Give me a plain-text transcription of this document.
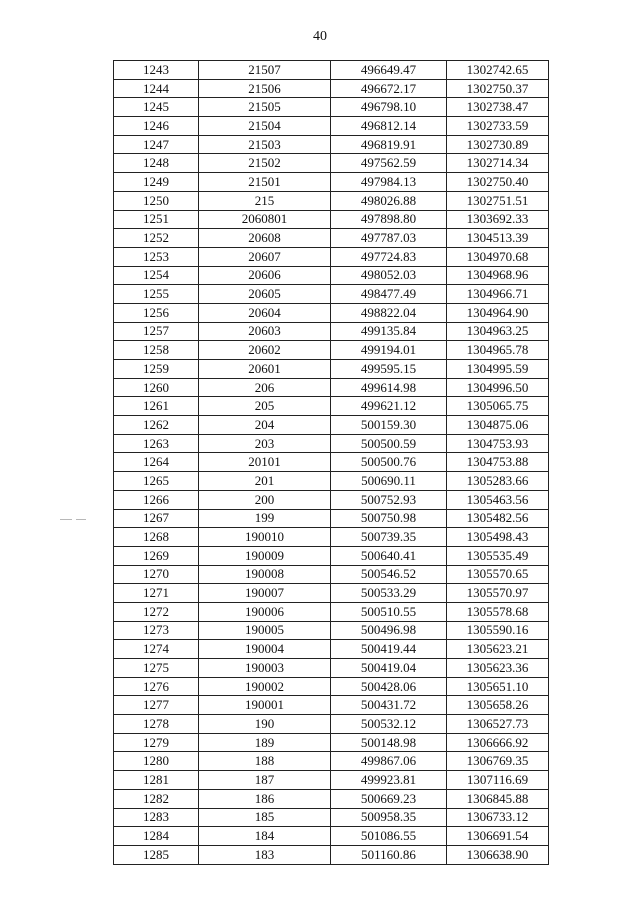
40
1243	21507	496649.47	1302742.65
1244	21506	496672.17	1302750.37
1245	21505	496798.10	1302738.47
1246	21504	496812.14	1302733.59
1247	21503	496819.91	1302730.89
1248	21502	497562.59	1302714.34
1249	21501	497984.13	1302750.40
1250	215	498026.88	1302751.51
1251	2060801	497898.80	1303692.33
1252	20608	497787.03	1304513.39
1253	20607	497724.83	1304970.68
1254	20606	498052.03	1304968.96
1255	20605	498477.49	1304966.71
1256	20604	498822.04	1304964.90
1257	20603	499135.84	1304963.25
1258	20602	499194.01	1304965.78
1259	20601	499595.15	1304995.59
1260	206	499614.98	1304996.50
1261	205	499621.12	1305065.75
1262	204	500159.30	1304875.06
1263	203	500500.59	1304753.93
1264	20101	500500.76	1304753.88
1265	201	500690.11	1305283.66
1266	200	500752.93	1305463.56
1267	199	500750.98	1305482.56
1268	190010	500739.35	1305498.43
1269	190009	500640.41	1305535.49
1270	190008	500546.52	1305570.65
1271	190007	500533.29	1305570.97
1272	190006	500510.55	1305578.68
1273	190005	500496.98	1305590.16
1274	190004	500419.44	1305623.21
1275	190003	500419.04	1305623.36
1276	190002	500428.06	1305651.10
1277	190001	500431.72	1305658.26
1278	190	500532.12	1306527.73
1279	189	500148.98	1306666.92
1280	188	499867.06	1306769.35
1281	187	499923.81	1307116.69
1282	186	500669.23	1306845.88
1283	185	500958.35	1306733.12
1284	184	501086.55	1306691.54
1285	183	501160.86	1306638.90
